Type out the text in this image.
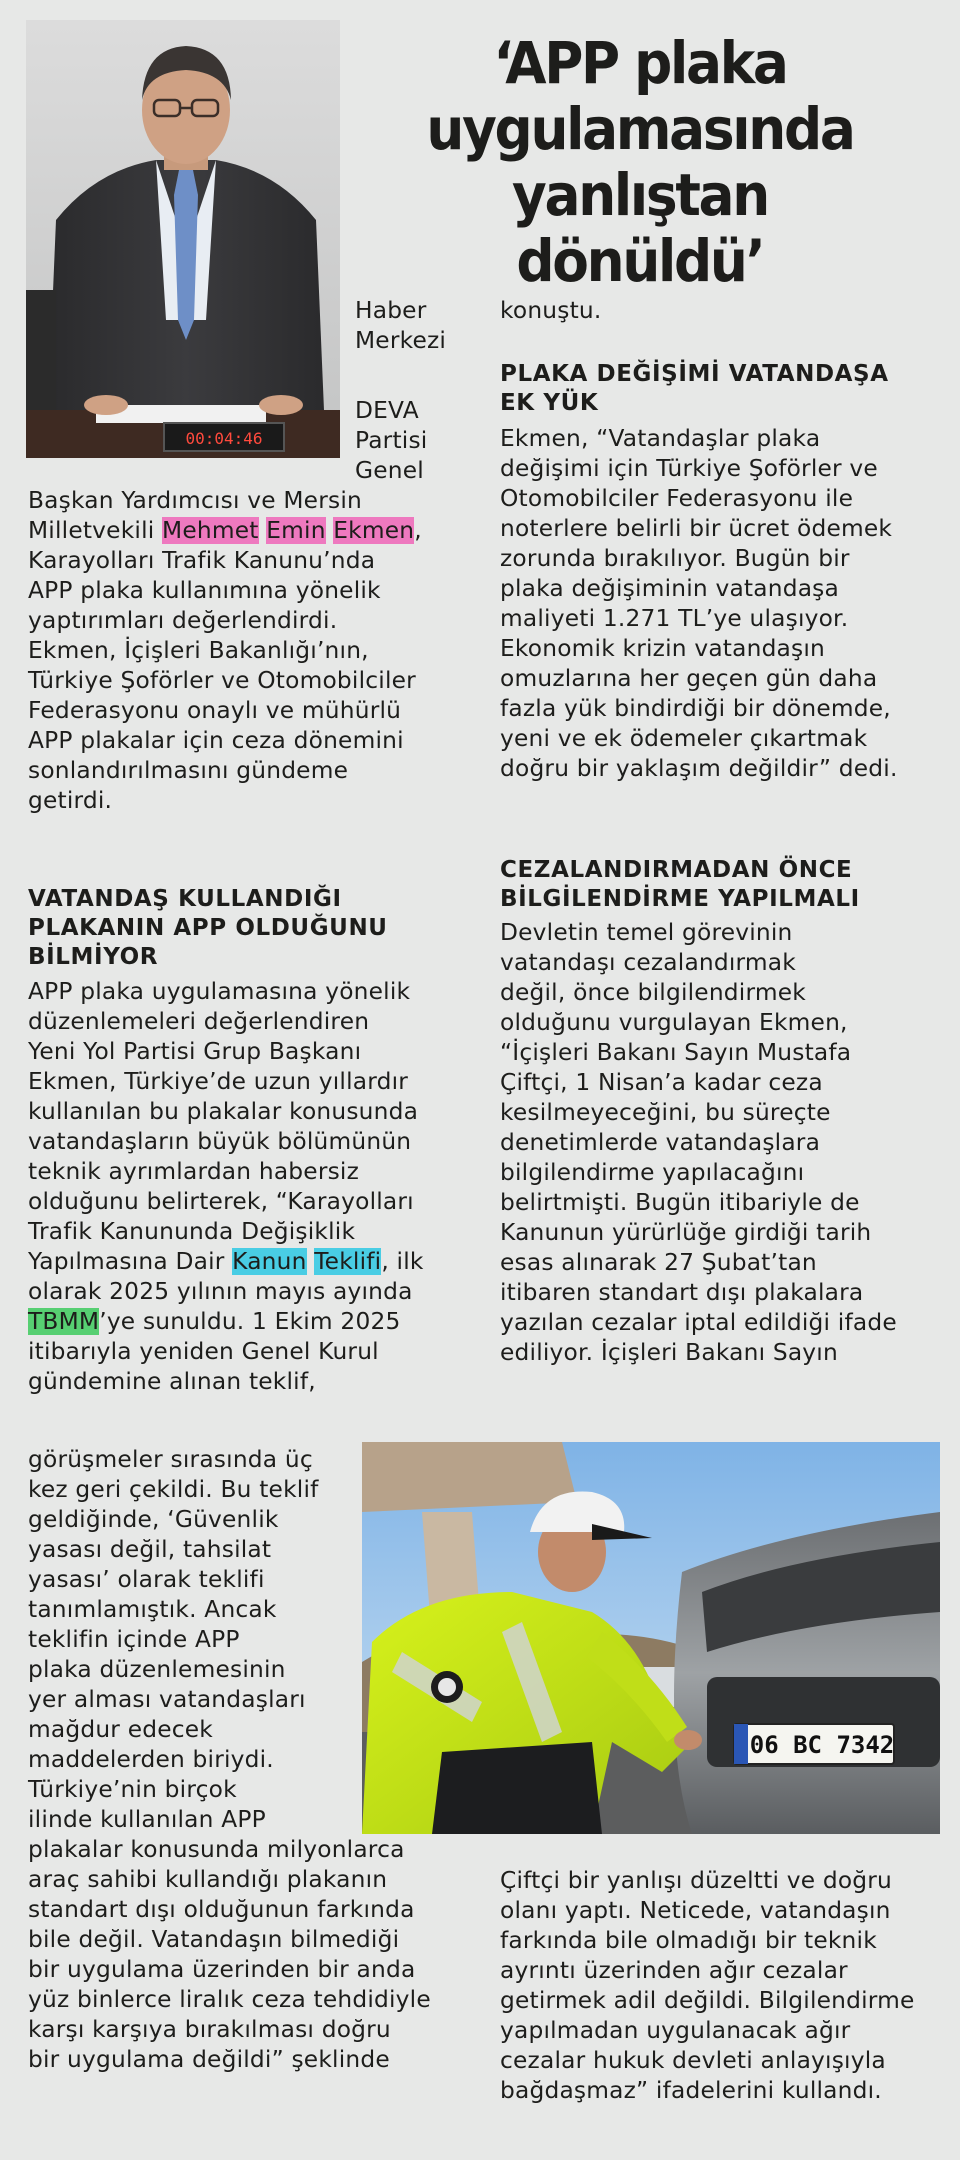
‘APP plaka
uygulamasında
yanlıştan dönüldü’
00:04:46
Haber
Merkezi
DEVA
Partisi
Genel
Başkan Yardımcısı ve Mersin
Milletvekili Mehmet Emin Ekmen,
Karayolları Trafik Kanunu’nda
APP plaka kullanımına yönelik
yaptırımları değerlendirdi.
Ekmen, İçişleri Bakanlığı’nın,
Türkiye Şoförler ve Otomobilciler
Federasyonu onaylı ve mühürlü
APP plakalar için ceza dönemini
sonlandırılmasını gündeme
getirdi.
VATANDAŞ KULLANDIĞI
PLAKANIN APP OLDUĞUNU
BİLMİYOR
APP plaka uygulamasına yönelik
düzenlemeleri değerlendiren
Yeni Yol Partisi Grup Başkanı
Ekmen, Türkiye’de uzun yıllardır
kullanılan bu plakalar konusunda
vatandaşların büyük bölümünün
teknik ayrımlardan habersiz
olduğunu belirterek, “Karayolları
Trafik Kanununda Değişiklik
Yapılmasına Dair Kanun Teklifi, ilk
olarak 2025 yılının mayıs ayında
TBMM’ye sunuldu. 1 Ekim 2025
itibarıyla yeniden Genel Kurul
gündemine alınan teklif,
görüşmeler sırasında üç
kez geri çekildi. Bu teklif
geldiğinde, ‘Güvenlik
yasası değil, tahsilat
yasası’ olarak teklifi
tanımlamıştık. Ancak
teklifin içinde APP
plaka düzenlemesinin
yer alması vatandaşları
mağdur edecek
maddelerden biriydi.
Türkiye’nin birçok
ilinde kullanılan APP
plakalar konusunda milyonlarca
araç sahibi kullandığı plakanın
standart dışı olduğunun farkında
bile değil. Vatandaşın bilmediği
bir uygulama üzerinden bir anda
yüz binlerce liralık ceza tehdidiyle
karşı karşıya bırakılması doğru
bir uygulama değildi” şeklinde
konuştu.
PLAKA DEĞİŞİMİ VATANDAŞA
EK YÜK
Ekmen, “Vatandaşlar plaka
değişimi için Türkiye Şoförler ve
Otomobilciler Federasyonu ile
noterlere belirli bir ücret ödemek
zorunda bırakılıyor. Bugün bir
plaka değişiminin vatandaşa
maliyeti 1.271 TL’ye ulaşıyor.
Ekonomik krizin vatandaşın
omuzlarına her geçen gün daha
fazla yük bindirdiği bir dönemde,
yeni ve ek ödemeler çıkartmak
doğru bir yaklaşım değildir” dedi.
CEZALANDIRMADAN ÖNCE
BİLGİLENDİRME YAPILMALI
Devletin temel görevinin
vatandaşı cezalandırmak
değil, önce bilgilendirmek
olduğunu vurgulayan Ekmen,
“İçişleri Bakanı Sayın Mustafa
Çiftçi, 1 Nisan’a kadar ceza
kesilmeyeceğini, bu süreçte
denetimlerde vatandaşlara
bilgilendirme yapılacağını
belirtmişti. Bugün itibariyle de
Kanunun yürürlüğe girdiği tarih
esas alınarak 27 Şubat’tan
itibaren standart dışı plakalara
yazılan cezalar iptal edildiği ifade
ediliyor. İçişleri Bakanı Sayın
06 BC 7342
Çiftçi bir yanlışı düzeltti ve doğru
olanı yaptı. Neticede, vatandaşın
farkında bile olmadığı bir teknik
ayrıntı üzerinden ağır cezalar
getirmek adil değildi. Bilgilendirme
yapılmadan uygulanacak ağır
cezalar hukuk devleti anlayışıyla
bağdaşmaz” ifadelerini kullandı.
